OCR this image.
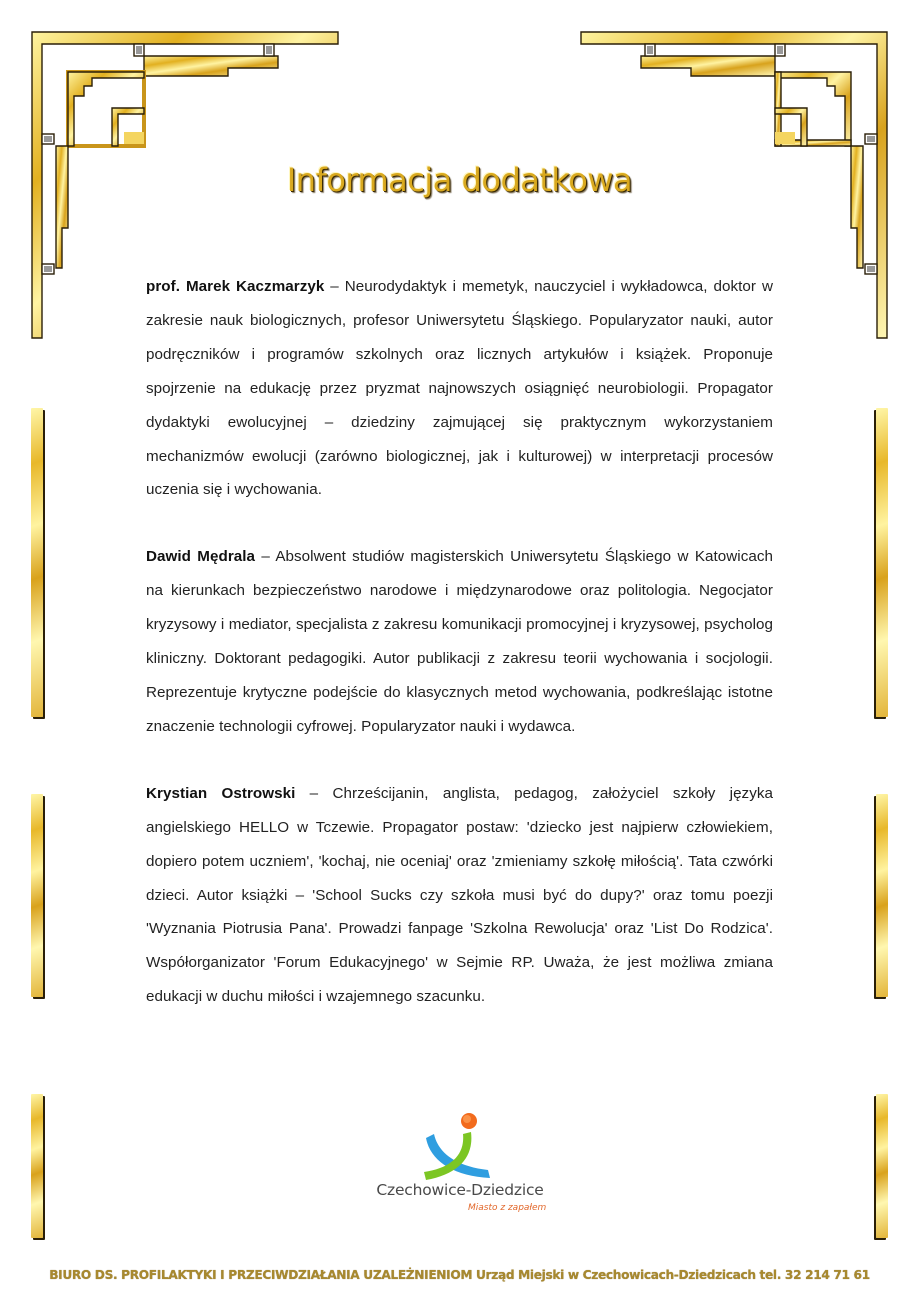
Informacja dodatkowa

prof. Marek Kaczmarzyk – Neurodydaktyk i memetyk, nauczyciel i wykładowca, doktor w zakresie nauk biologicznych, profesor Uniwersytetu Śląskiego. Popularyzator nauki, autor podręczników i programów szkolnych oraz licznych artykułów i książek. Proponuje spojrzenie na edukację przez pryzmat najnowszych osiągnięć neurobiologii. Propagator dydaktyki ewolucyjnej – dziedziny zajmującej się praktycznym wykorzystaniem mechanizmów ewolucji (zarówno biologicznej, jak i kulturowej) w interpretacji procesów uczenia się i wychowania.

Dawid Mędrala – Absolwent studiów magisterskich Uniwersytetu Śląskiego w Katowicach na kierunkach bezpieczeństwo narodowe i międzynarodowe oraz politologia. Negocjator kryzysowy i mediator, specjalista z zakresu komunikacji promocyjnej i kryzysowej, psycholog kliniczny. Doktorant pedagogiki. Autor publikacji z zakresu teorii wychowania i socjologii. Reprezentuje krytyczne podejście do klasycznych metod wychowania, podkreślając istotne znaczenie technologii cyfrowej. Popularyzator nauki i wydawca.

Krystian Ostrowski – Chrześcijanin, anglista, pedagog, założyciel szkoły języka angielskiego HELLO w Tczewie. Propagator postaw: 'dziecko jest najpierw człowiekiem, dopiero potem uczniem', 'kochaj, nie oceniaj' oraz 'zmieniamy szkołę miłością'. Tata czwórki dzieci. Autor książki – 'School Sucks czy szkoła musi być do dupy?' oraz tomu poezji 'Wyznania Piotrusia Pana'. Prowadzi fanpage 'Szkolna Rewolucja' oraz 'List Do Rodzica'. Współorganizator 'Forum Edukacyjnego' w Sejmie RP. Uważa, że jest możliwa zmiana edukacji w duchu miłości i wzajemnego szacunku.

Czechowice-Dziedzice
Miasto z zapałem
BIURO DS. PROFILAKTYKI I PRZECIWDZIAŁANIA UZALEŻNIENIOM Urząd Miejski w Czechowicach-Dziedzicach tel. 32 214 71 61
